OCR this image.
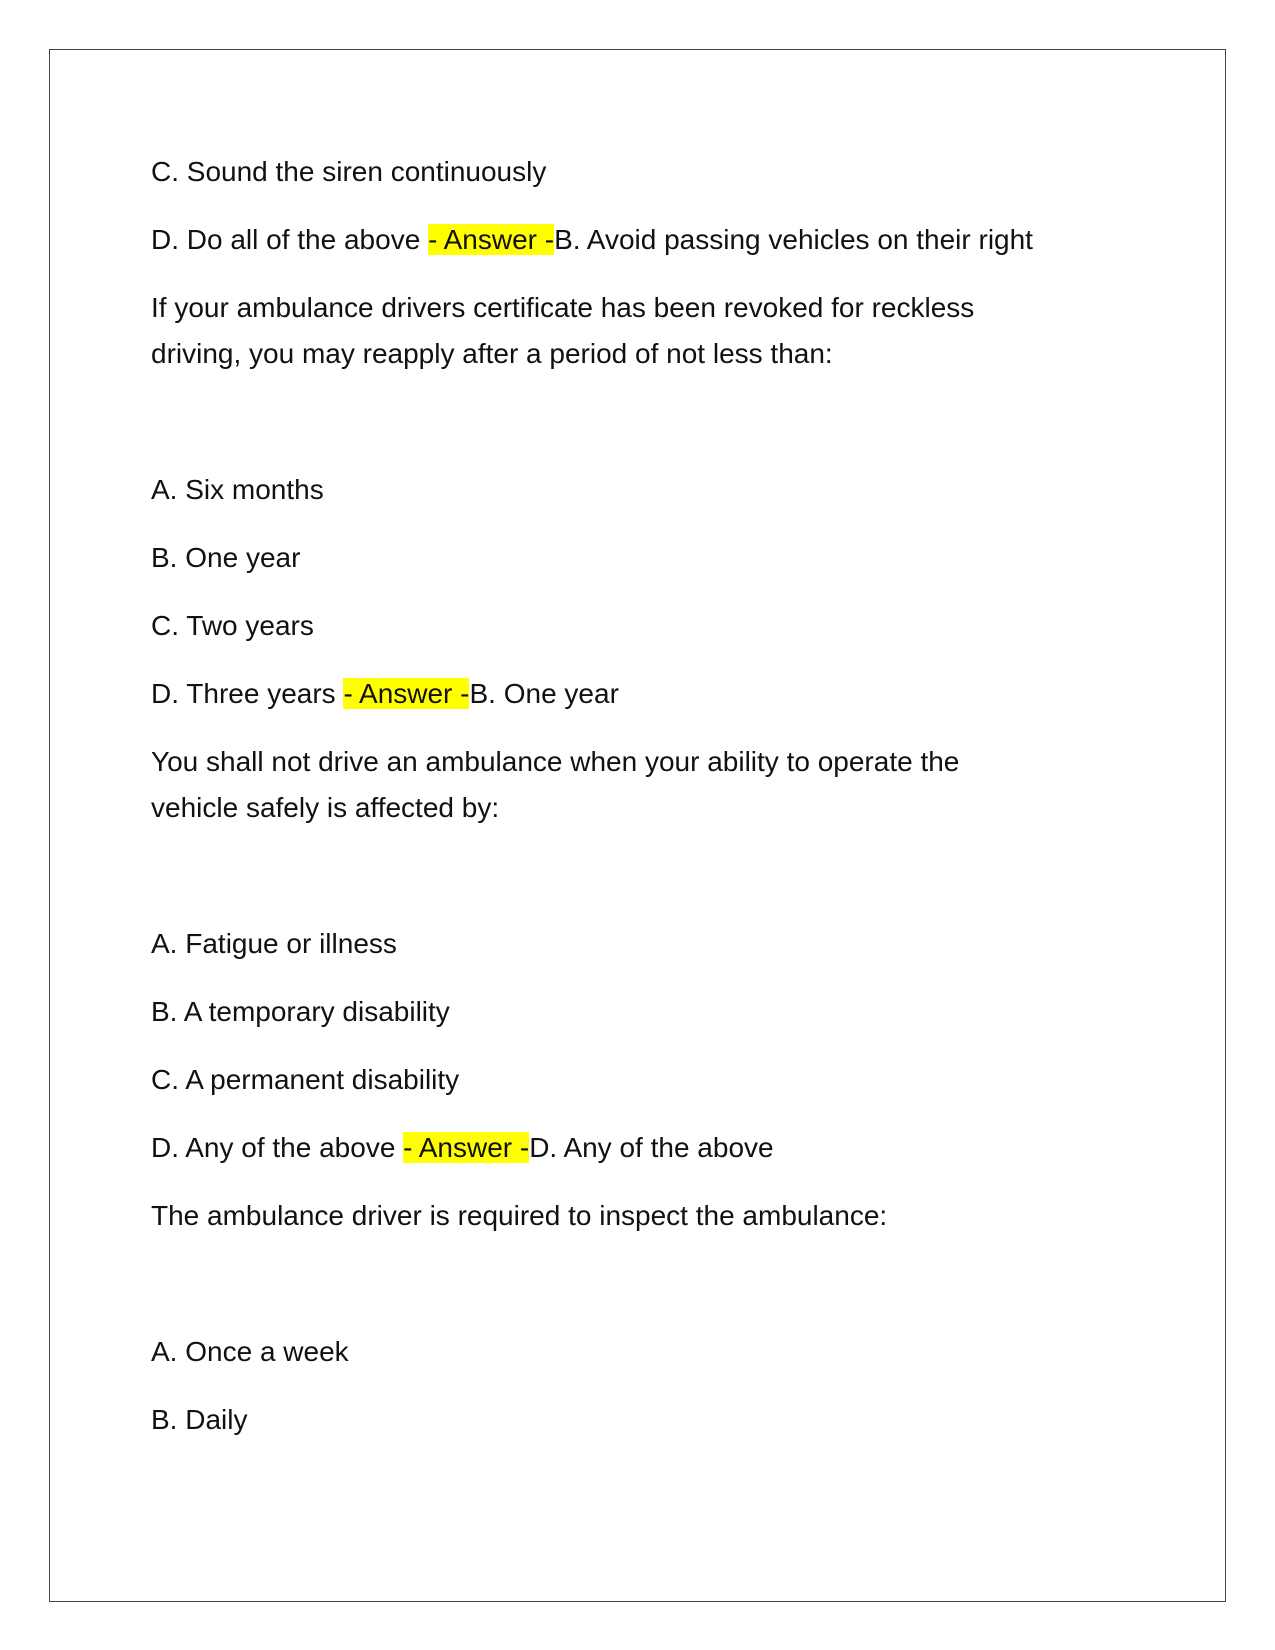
C. Sound the siren continuously

D. Do all of the above - Answer -B. Avoid passing vehicles on their right

If your ambulance drivers certificate has been revoked for reckless

driving, you may reapply after a period of not less than:

A. Six months

B. One year

C. Two years

D. Three years - Answer -B. One year

You shall not drive an ambulance when your ability to operate the

vehicle safely is affected by:

A. Fatigue or illness

B. A temporary disability

C. A permanent disability

D. Any of the above - Answer -D. Any of the above

The ambulance driver is required to inspect the ambulance:

A. Once a week

B. Daily
